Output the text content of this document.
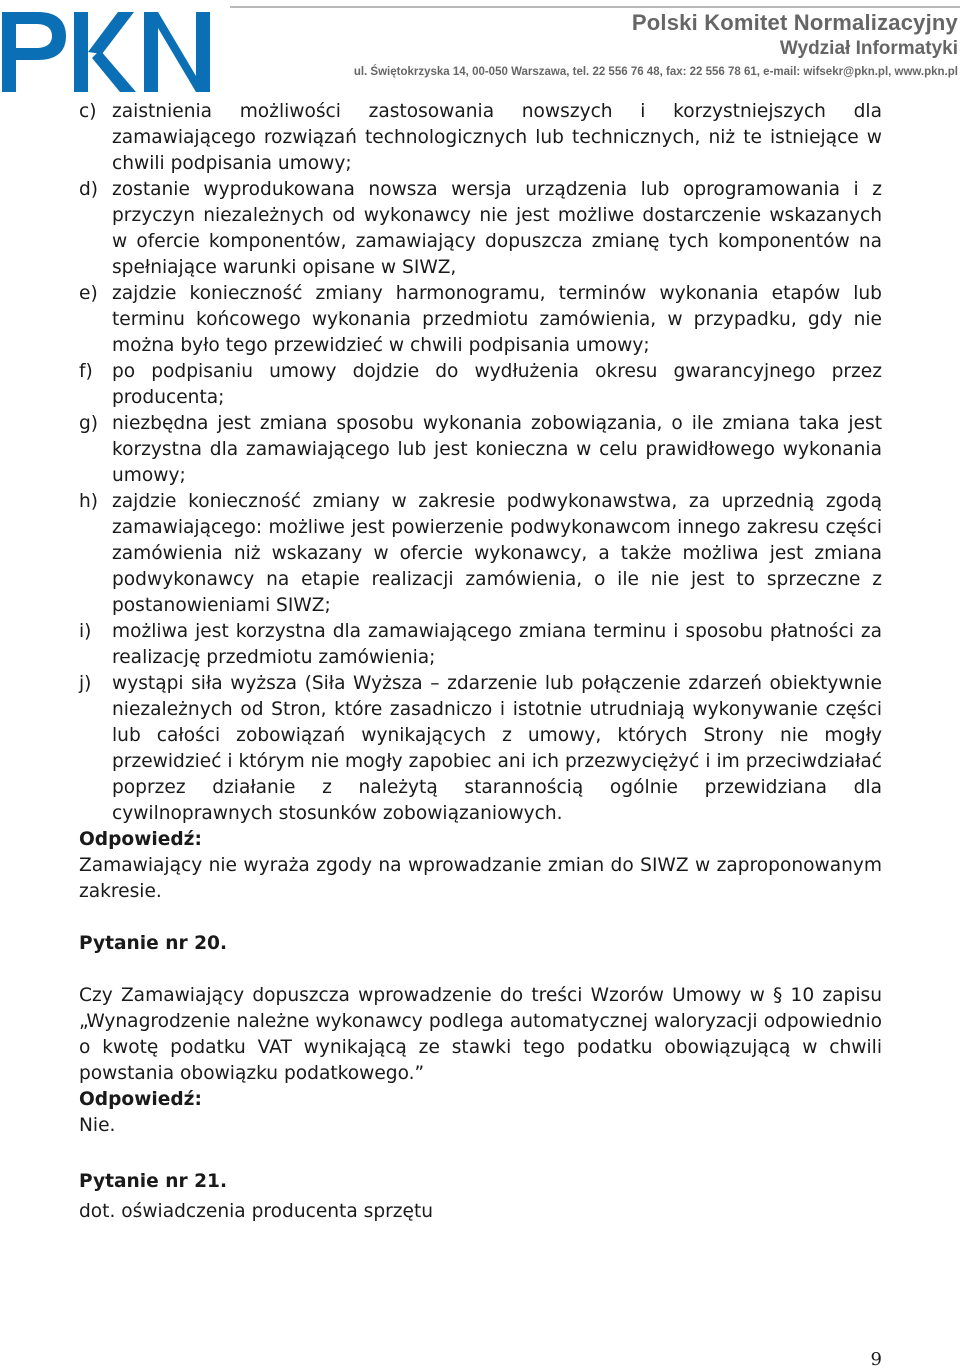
PKN
Polski Komitet Normalizacyjny
Wydział Informatyki
ul. Świętokrzyska 14, 00-050 Warszawa, tel. 22 556 76 48, fax: 22 556 78 61, e-mail: wifsekr@pkn.pl, www.pkn.pl
c) zaistnienia możliwości zastosowania nowszych i korzystniejszych dla zamawiającego rozwiązań technologicznych lub technicznych, niż te istniejące w chwili podpisania umowy;
d) zostanie wyprodukowana nowsza wersja urządzenia lub oprogramowania i z przyczyn niezależnych od wykonawcy nie jest możliwe dostarczenie wskazanych w ofercie komponentów, zamawiający dopuszcza zmianę tych komponentów na spełniające warunki opisane w SIWZ,
e) zajdzie konieczność zmiany harmonogramu, terminów wykonania etapów lub terminu końcowego wykonania przedmiotu zamówienia, w przypadku, gdy nie można było tego przewidzieć w chwili podpisania umowy;
f)	po podpisaniu umowy dojdzie do wydłużenia okresu gwarancyjnego przez producenta;
g) niezbędna jest zmiana sposobu wykonania zobowiązania, o ile zmiana taka jest korzystna dla zamawiającego lub jest konieczna w celu prawidłowego wykonania umowy;
h) zajdzie konieczność zmiany w zakresie podwykonawstwa, za uprzednią zgodą zamawiającego: możliwe jest powierzenie podwykonawcom innego zakresu części zamówienia niż wskazany w ofercie wykonawcy, a także możliwa jest zmiana podwykonawcy na etapie realizacji zamówienia, o ile nie jest to sprzeczne z postanowieniami SIWZ;
i)	możliwa jest korzystna dla zamawiającego zmiana terminu i sposobu płatności za realizację przedmiotu zamówienia;
j)	wystąpi siła wyższa (Siła Wyższa – zdarzenie lub połączenie zdarzeń obiektywnie niezależnych od Stron, które zasadniczo i istotnie utrudniają wykonywanie części lub całości zobowiązań wynikających z umowy, których Strony nie mogły przewidzieć i którym nie mogły zapobiec ani ich przezwyciężyć i im przeciwdziałać poprzez działanie z należytą starannością ogólnie przewidziana dla cywilnoprawnych stosunków zobowiązaniowych.
Odpowiedź:

Zamawiający nie wyraża zgody na wprowadzanie zmian do SIWZ w zaproponowanym zakresie.

Pytanie nr 20.

Czy Zamawiający dopuszcza wprowadzenie do treści Wzorów Umowy w § 10 zapisu „Wynagrodzenie należne wykonawcy podlega automatycznej waloryzacji odpowiednio o kwotę podatku VAT wynikającą ze stawki tego podatku obowiązującą w chwili powstania obowiązku podatkowego.”

Odpowiedź:

Nie.

Pytanie nr 21.

dot. oświadczenia producenta sprzętu

9
